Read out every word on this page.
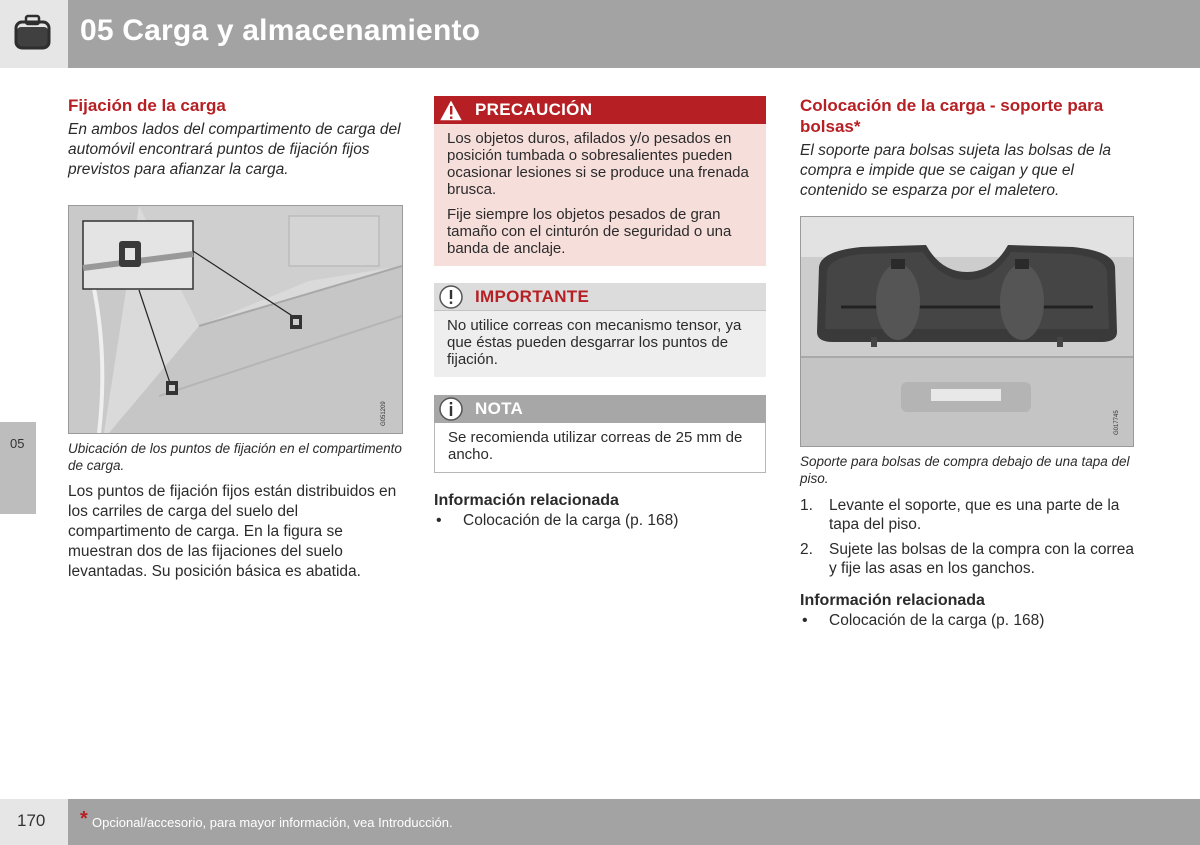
05 Carga y almacenamiento
05
Fijación de la carga

En ambos lados del compartimento de carga del automóvil encontrará puntos de fijación fijos previstos para afianzar la carga.

G051209

Ubicación de los puntos de fijación en el compartimento de carga.

Los puntos de fijación fijos están distribuidos en los carriles de carga del suelo del compartimento de carga. En la figura se muestran dos de las fijaciones del suelo levantadas. Su posición básica es abatida.

PRECAUCIÓN

Los objetos duros, afilados y/o pesados en posición tumbada o sobresalientes pueden ocasionar lesiones si se produce una frenada brusca.

Fije siempre los objetos pesados de gran tamaño con el cinturón de seguridad o una banda de anclaje.

IMPORTANTE

No utilice correas con mecanismo tensor, ya que éstas pueden desgarrar los puntos de fijación.

NOTA

Se recomienda utilizar correas de 25 mm de ancho.

Información relacionada
• Colocación de la carga (p. 168)
Colocación de la carga - soporte para bolsas*

El soporte para bolsas sujeta las bolsas de la compra e impide que se caigan y que el contenido se esparza por el maletero.

G017745

Soporte para bolsas de compra debajo de una tapa del piso.

1. Levante el soporte, que es una parte de la tapa del piso.
2. Sujete las bolsas de la compra con la correa y fije las asas en los ganchos.
Información relacionada
• Colocación de la carga (p. 168)
170 * Opcional/accesorio, para mayor información, vea Introducción.
